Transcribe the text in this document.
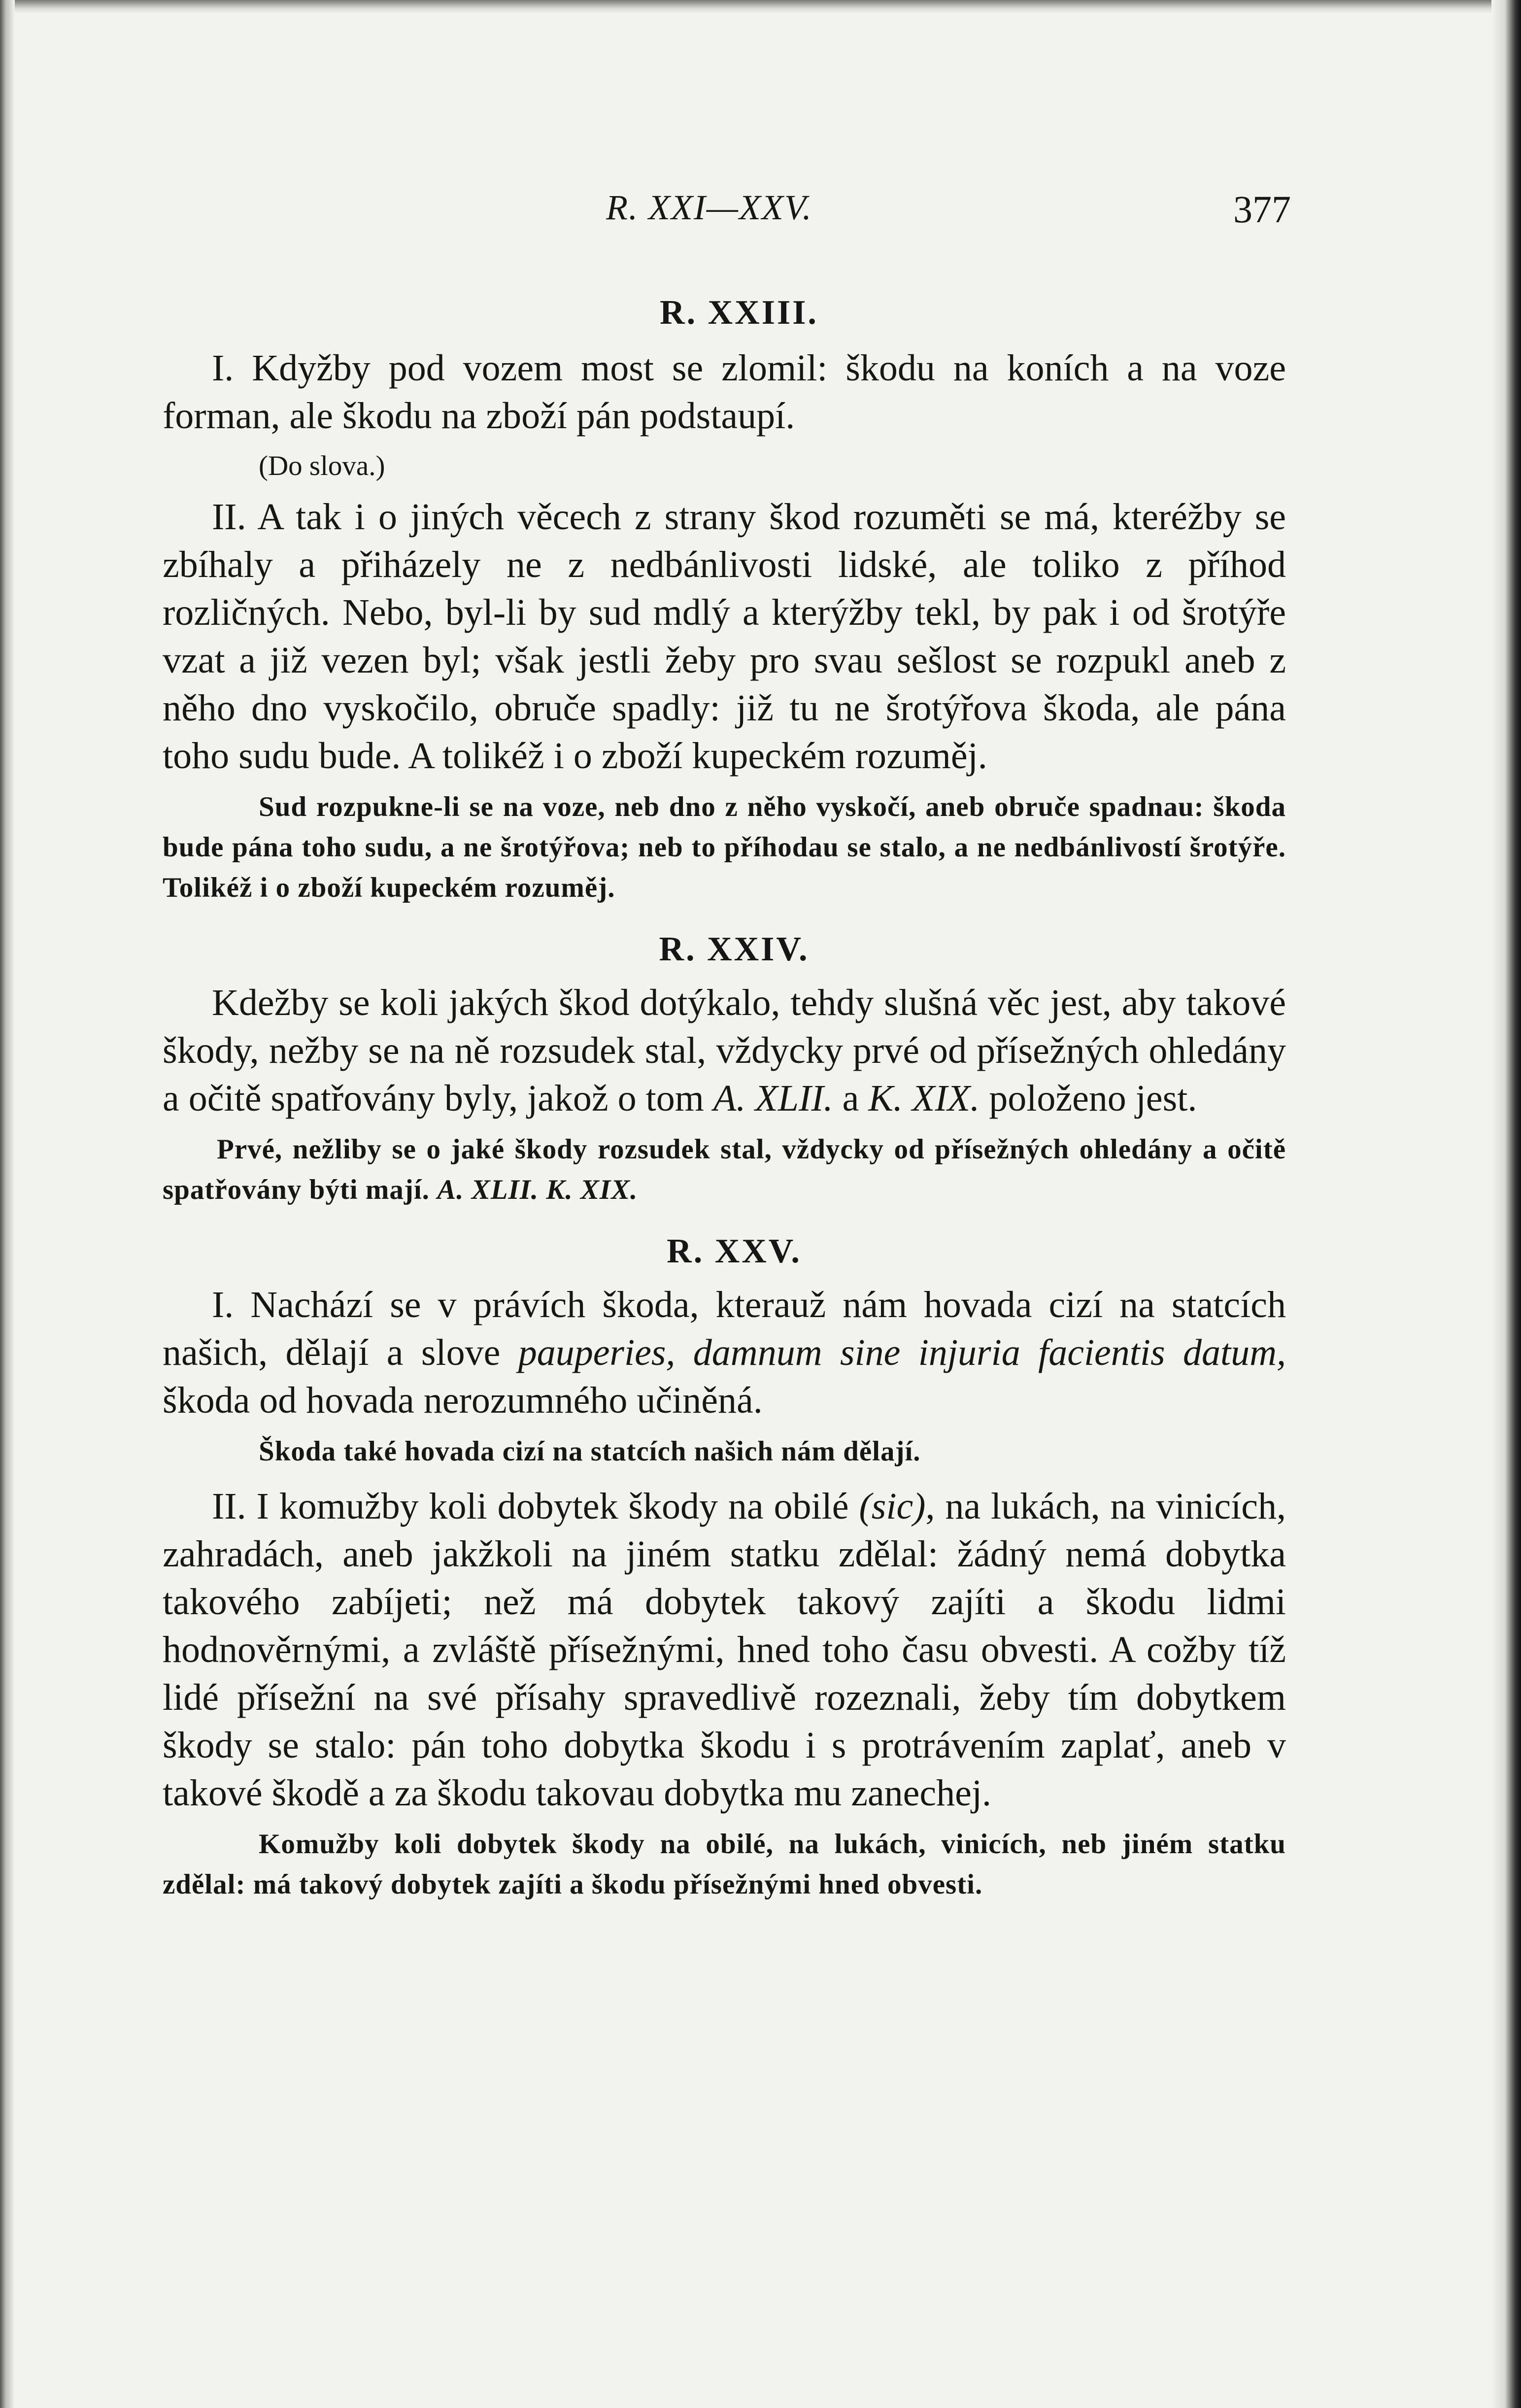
R. XXI—XXV.	377
R. XXIII.

I. Kdyžby pod vozem most se zlomil: škodu na koních a na voze forman, ale škodu na zboží pán podstaupí.

(Do slova.)

II. A tak i o jiných věcech z strany škod rozuměti se má, kteréžby se zbíhaly a přiházely ne z nedbánlivosti lidské, ale toliko z příhod rozličných. Nebo, byl-li by sud mdlý a kterýžby tekl, by pak i od šrotýře vzat a již vezen byl; však jestli žeby pro svau sešlost se rozpukl aneb z něho dno vyskočilo, obruče spadly: již tu ne šrotýřova škoda, ale pána toho sudu bude. A tolikéž i o zboží kupeckém rozuměj.

Sud rozpukne-li se na voze, neb dno z něho vyskočí, aneb obruče spadnau: škoda bude pána toho sudu, a ne šrotýřova; neb to příhodau se stalo, a ne nedbánlivostí šrotýře. Tolikéž i o zboží kupeckém rozuměj.

R. XXIV.

Kdežby se koli jakých škod dotýkalo, tehdy slušná věc jest, aby takové škody, nežby se na ně rozsudek stal, vždycky prvé od přísežných ohledány a očitě spatřovány byly, jakož o tom A. XLII. a K. XIX. položeno jest.

Prvé, nežliby se o jaké škody rozsudek stal, vždycky od přísežných ohledány a očitě spatřovány býti mají. A. XLII. K. XIX.

R. XXV.

I. Nachází se v právích škoda, kterauž nám hovada cizí na statcích našich, dělají a slove pauperies, damnum sine injuria facientis datum, škoda od hovada nerozumného učiněná.

Škoda také hovada cizí na statcích našich nám dělají.

II. I komužby koli dobytek škody na obilé (sic), na lukách, na vinicích, zahradách, aneb jakžkoli na jiném statku zdělal: žádný nemá dobytka takového zabíjeti; než má dobytek takový zajíti a škodu lidmi hodnověrnými, a zvláště přísežnými, hned toho času obvesti. A cožby tíž lidé přísežní na své přísahy spravedlivě rozeznali, žeby tím dobytkem škody se stalo: pán toho dobytka škodu i s protrávením zaplať, aneb v takové škodě a za škodu takovau dobytka mu zanechej.

Komužby koli dobytek škody na obilé, na lukách, vinicích, neb jiném statku zdělal: má takový dobytek zajíti a škodu přísežnými hned obvesti.
